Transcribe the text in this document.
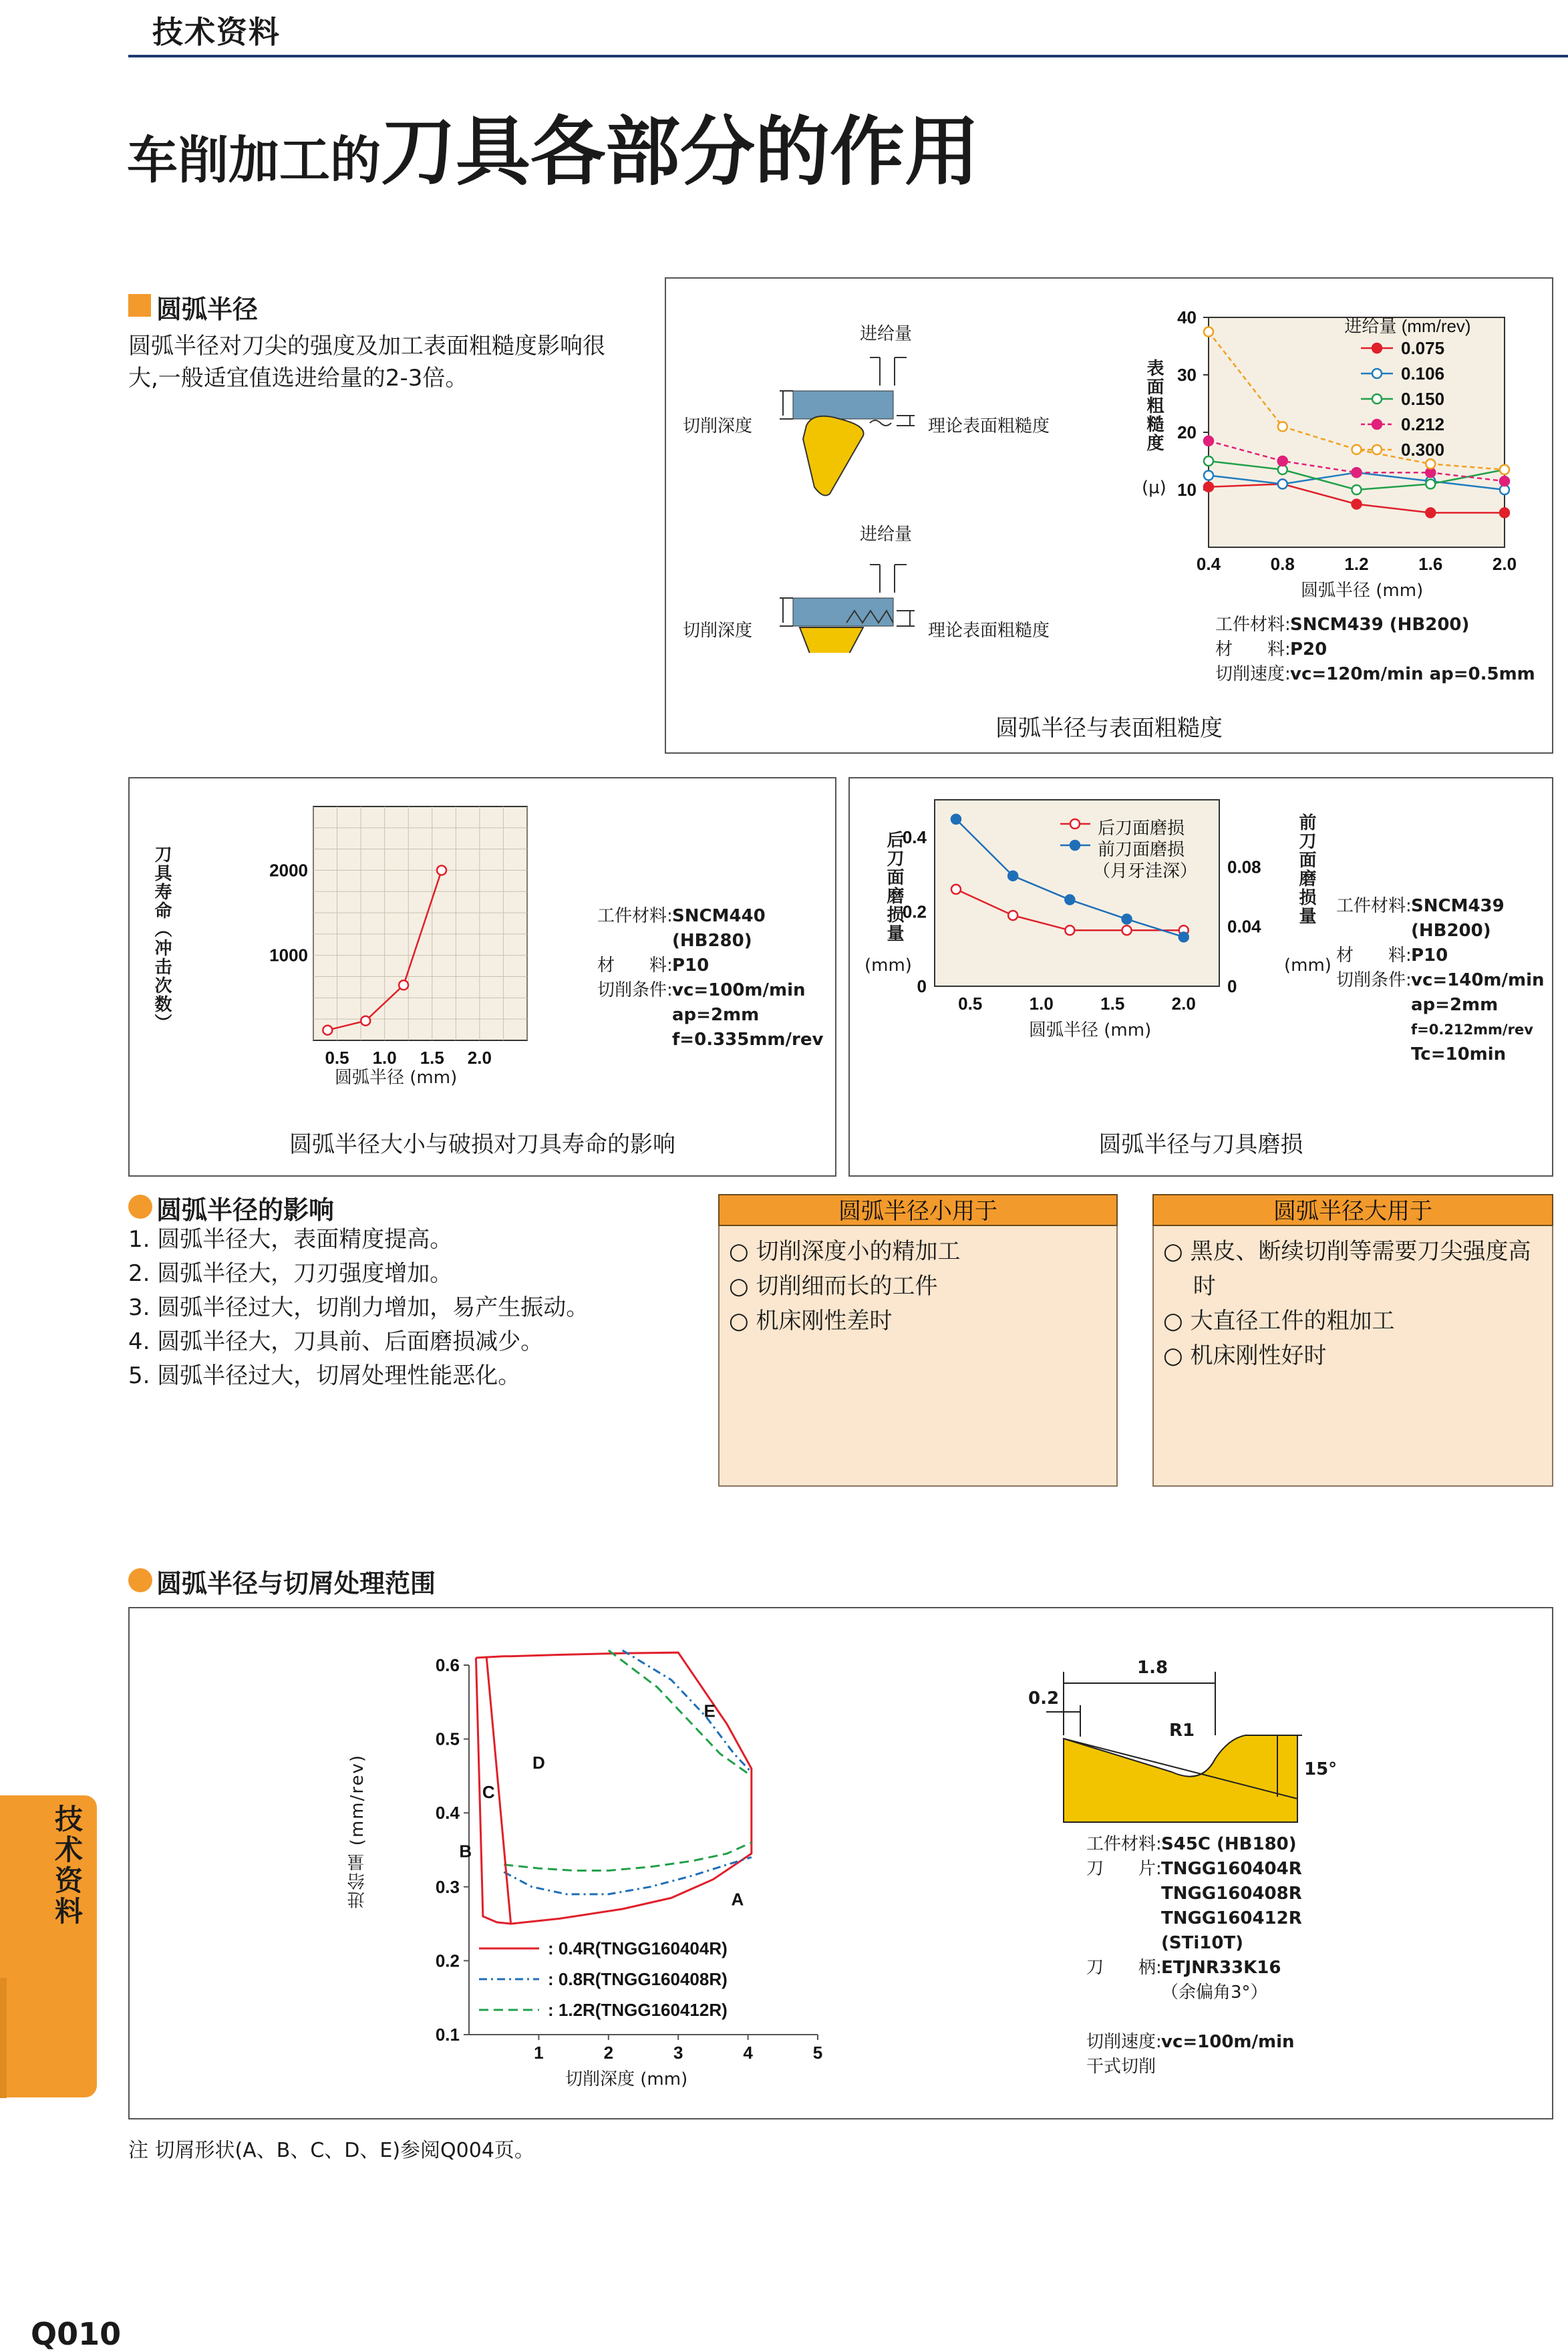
技术资料
车削加工的刀具各部分的作用
圆弧半径
圆弧半径对刀尖的强度及加工表面粗糙度影响很
大,一般适宜值选进给量的2-3倍。
进给量
切削深度	理论表面粗糙度
进给量
切削深度	理论表面粗糙度
表面粗糙度
(μ) 10
20
30
40
0.4	0.8	1.2	1.6	2.0
进给量 (mm/rev)
0.075
0.106
0.150
0.212
0.300
圆弧半径 (mm)
工件材料:SNCM439 (HB200)
材　　料:P20
切削速度:vc=120m/min ap=0.5mm
圆弧半径与表面粗糙度
刀具寿命（冲击次数）	1000
2000
0.5 1.0 1.5 2.0
圆弧半径 (mm)
工件材料:SNCM440
(HB280)
材　　料:P10
切削条件:vc=100m/min
ap=2mm
f=0.335mm/rev
圆弧半径大小与破损对刀具寿命的影响
后刀面磨损量
(mm)
0
0.2
0.4
0
0.04
0.08
0.5	1.0	1.5	2.0
后刀面磨损
前刀面磨损
（月牙洼深）	前刀面磨损量
(mm)
圆弧半径 (mm)
工件材料:SNCM439
(HB200)
材　　料:P10
切削条件:vc=140m/min
ap=2mm
f=0.212mm/rev
Tc=10min
圆弧半径与刀具磨损
圆弧半径的影响
1. 圆弧半径大，表面精度提高。
2. 圆弧半径大，刀刃强度增加。
3. 圆弧半径过大，切削力增加，易产生振动。
4. 圆弧半径大，刀具前、后面磨损减少。
5. 圆弧半径过大，切屑处理性能恶化。
圆弧半径小用于
○ 切削深度小的精加工
○ 切削细而长的工件
○ 机床刚性差时
圆弧半径大用于
○ 黑皮、断续切削等需要刀尖强度高
　 时
○ 大直径工件的粗加工
○ 机床刚性好时
圆弧半径与切屑处理范围
进给量 (mm/rev)
0.1
0.2
0.3
0.4
0.5
0.6
1	2	3	4	5
A
B
C
D
E
: 0.4R(TNGG160404R)
: 0.8R(TNGG160408R)
: 1.2R(TNGG160412R)
切削深度 (mm)
1.8
0.2
R1
15°
工件材料:S45C (HB180)
刀　　片:TNGG160404R
TNGG160408R
TNGG160412R
(STi10T)
刀　　柄:ETJNR33K16
（余偏角3°）
切削速度:vc=100m/min
干式切削
注 切屑形状(A、B、C、D、E)参阅Q004页。
技术资料
Q010
